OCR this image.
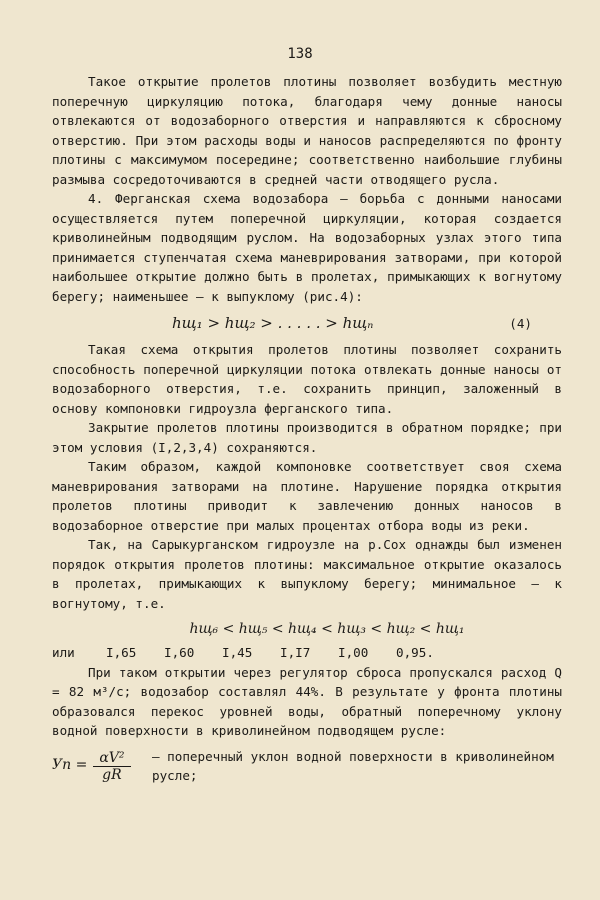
138

Такое открытие пролетов плотины позволяет возбудить местную поперечную циркуляцию потока, благодаря чему донные наносы отвлекаются от водозаборного отверстия и направляются к сбросному отверстию. При этом расходы воды и наносов распределяются по фронту плотины с максимумом посередине; соответственно наибольшие глубины размыва сосредоточиваются в средней части отводящего русла.

4. Ферганская схема водозабора – борьба с донными наносами осуществляется путем поперечной циркуляции, которая создается криволинейным подводящим руслом. На водозаборных узлах этого типа принимается ступенчатая схема маневрирования затворами, при которой наибольшее открытие должно быть в пролетах, примыкающих к вогнутому берегу; наименьшее – к выпуклому (рис.4):

hщ₁ > hщ₂ > . . . . . > hщₙ	(4)

Такая схема открытия пролетов плотины позволяет сохранить способность поперечной циркуляции потока отвлекать донные наносы от водозаборного отверстия, т.е. сохранить принцип, заложенный в основу компоновки гидроузла ферганского типа.

Закрытие пролетов плотины производится в обратном порядке; при этом условия (I,2,3,4) сохраняются.

Таким образом, каждой компоновке соответствует своя схема маневрирования затворами на плотине. Нарушение порядка открытия пролетов плотины приводит к завлечению донных наносов в водозаборное отверстие при малых процентах отбора воды из реки.

Так, на Сарыкурганском гидроузле на р.Сох однажды был изменен порядок открытия пролетов плотины: максимальное открытие оказалось в пролетах, примыкающих к выпуклому берегу; минимальное – к вогнутому, т.е.

hщ₆ < hщ₅ < hщ₄ < hщ₃ < hщ₂ < hщ₁
или	I,65	I,60	I,45	I,I7	I,00	0,95.

При таком открытии через регулятор сброса пропускался расход Q = 82 м³/с; водозабор составлял 44%. В результате у фронта плотины образовался перекос уровней воды, обратный поперечному уклону водной поверхности в криволинейном подводящем русле:

Уп = $\frac{\text{αV²}}{gR}$ – поперечный уклон водной поверхности в криволинейном русле;
